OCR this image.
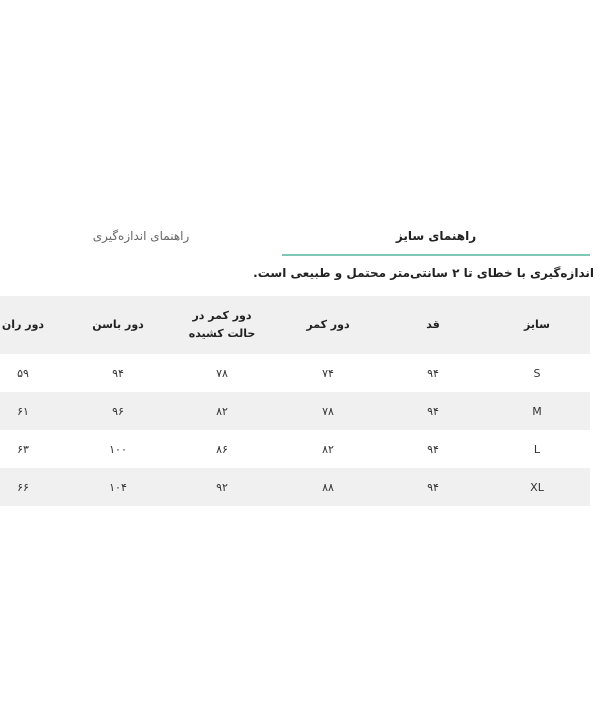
راهنمای سایز
راهنمای اندازه‌گیری
اندازه‌گیری با خطای تا ۲ سانتی‌متر محتمل و طبیعی است.
سایز	قد	دور کمر	دور کمر در حالت کشیده	دور باسن	دور ران
S	۹۴	۷۴	۷۸	۹۴	۵۹
M	۹۴	۷۸	۸۲	۹۶	۶۱
L	۹۴	۸۲	۸۶	۱۰۰	۶۳
XL	۹۴	۸۸	۹۲	۱۰۴	۶۶
